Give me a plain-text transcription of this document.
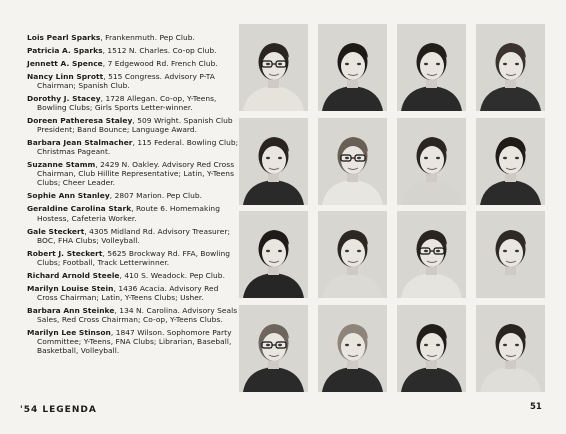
Lois Pearl Sparks, Frankenmuth. Pep Club.
Patricia A. Sparks, 1512 N. Charles. Co-op Club.
Jennett A. Spence, 7 Edgewood Rd. French Club.
Nancy Linn Sprott, 515 Congress. Advisory P-TA Chairman; Spanish Club.
Dorothy J. Stacey, 1728 Allegan. Co-op, Y-Teens, Bowling Clubs; Girls Sports Letter-winner.
Doreen Patheresa Staley, 509 Wright. Spanish Club President; Band Bounce; Language Award.
Barbara Jean Stalmacher, 115 Federal. Bowling Club; Christmas Pageant.
Suzanne Stamm, 2429 N. Oakley. Advisory Red Cross Chairman, Club Hillite Representative; Latin, Y-Teens Clubs; Cheer Leader.
Sophie Ann Stanley, 2807 Marion. Pep Club.
Geraldine Carolina Stark, Route 6. Homemaking Hostess, Cafeteria Worker.
Gale Steckert, 4305 Midland Rd. Advisory Treasurer; BOC, FHA Clubs; Volleyball.
Robert J. Steckert, 5625 Brockway Rd. FFA, Bowling Clubs; Football, Track Letterwinner.
Richard Arnold Steele, 410 S. Weadock. Pep Club.
Marilyn Louise Stein, 1436 Acacia. Advisory Red Cross Chairman; Latin, Y-Teens Clubs; Usher.
Barbara Ann Steinke, 134 N. Carolina. Advisory Seals Sales, Red Cross Chairman; Co-op, Y-Teens Clubs.
Marilyn Lee Stinson, 1847 Wilson. Sophomore Party Committee; Y-Teens, FNA Clubs; Librarian, Baseball, Basketball, Volleyball.
'54 LEGENDA	51
